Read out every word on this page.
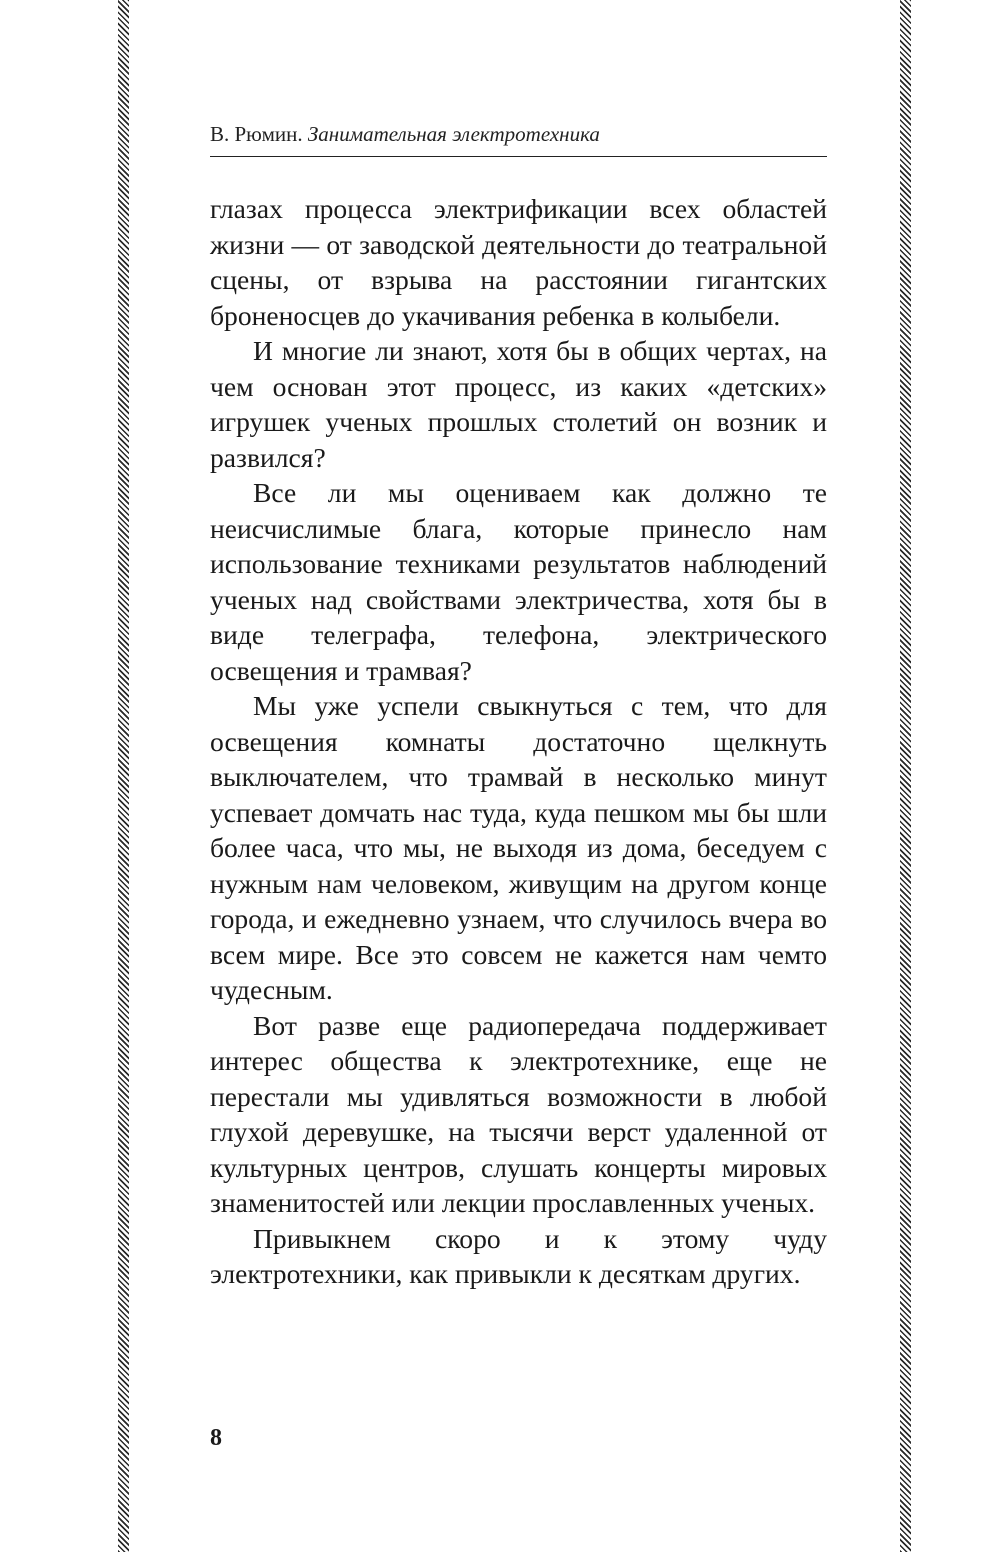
В. Рюмин. Занимательная электротехника

глазах процесса электрификации всех областей жизни — от заводской деятельности до театральной сцены, от взрыва на расстоянии гигантских броненосцев до укачивания ребенка в колыбели.

И многие ли знают, хотя бы в общих чертах, на чем основан этот процесс, из каких «детских» игрушек ученых прошлых столетий он возник и развился?

Все ли мы оцениваем как должно те неисчислимые блага, которые принесло нам использование техниками результатов наблюдений ученых над свойствами электричества, хотя бы в виде телеграфа, телефона, электрического освещения и трамвая?

Мы уже успели свыкнуться с тем, что для освещения комнаты достаточно щелкнуть выключателем, что трамвай в несколько минут успевает домчать нас туда, куда пешком мы бы шли более часа, что мы, не выходя из дома, беседуем с нужным нам человеком, живущим на другом конце города, и ежедневно узнаем, что случилось вчера во всем мире. Все это совсем не кажется нам чемто чудесным.

Вот разве еще радиопередача поддерживает интерес общества к электротехнике, еще не перестали мы удивляться возможности в любой глухой деревушке, на тысячи верст удаленной от культурных центров, слушать концерты мировых знаменитостей или лекции прославленных ученых.

Привыкнем скоро и к этому чуду электротехники, как привыкли к десяткам других.

8
